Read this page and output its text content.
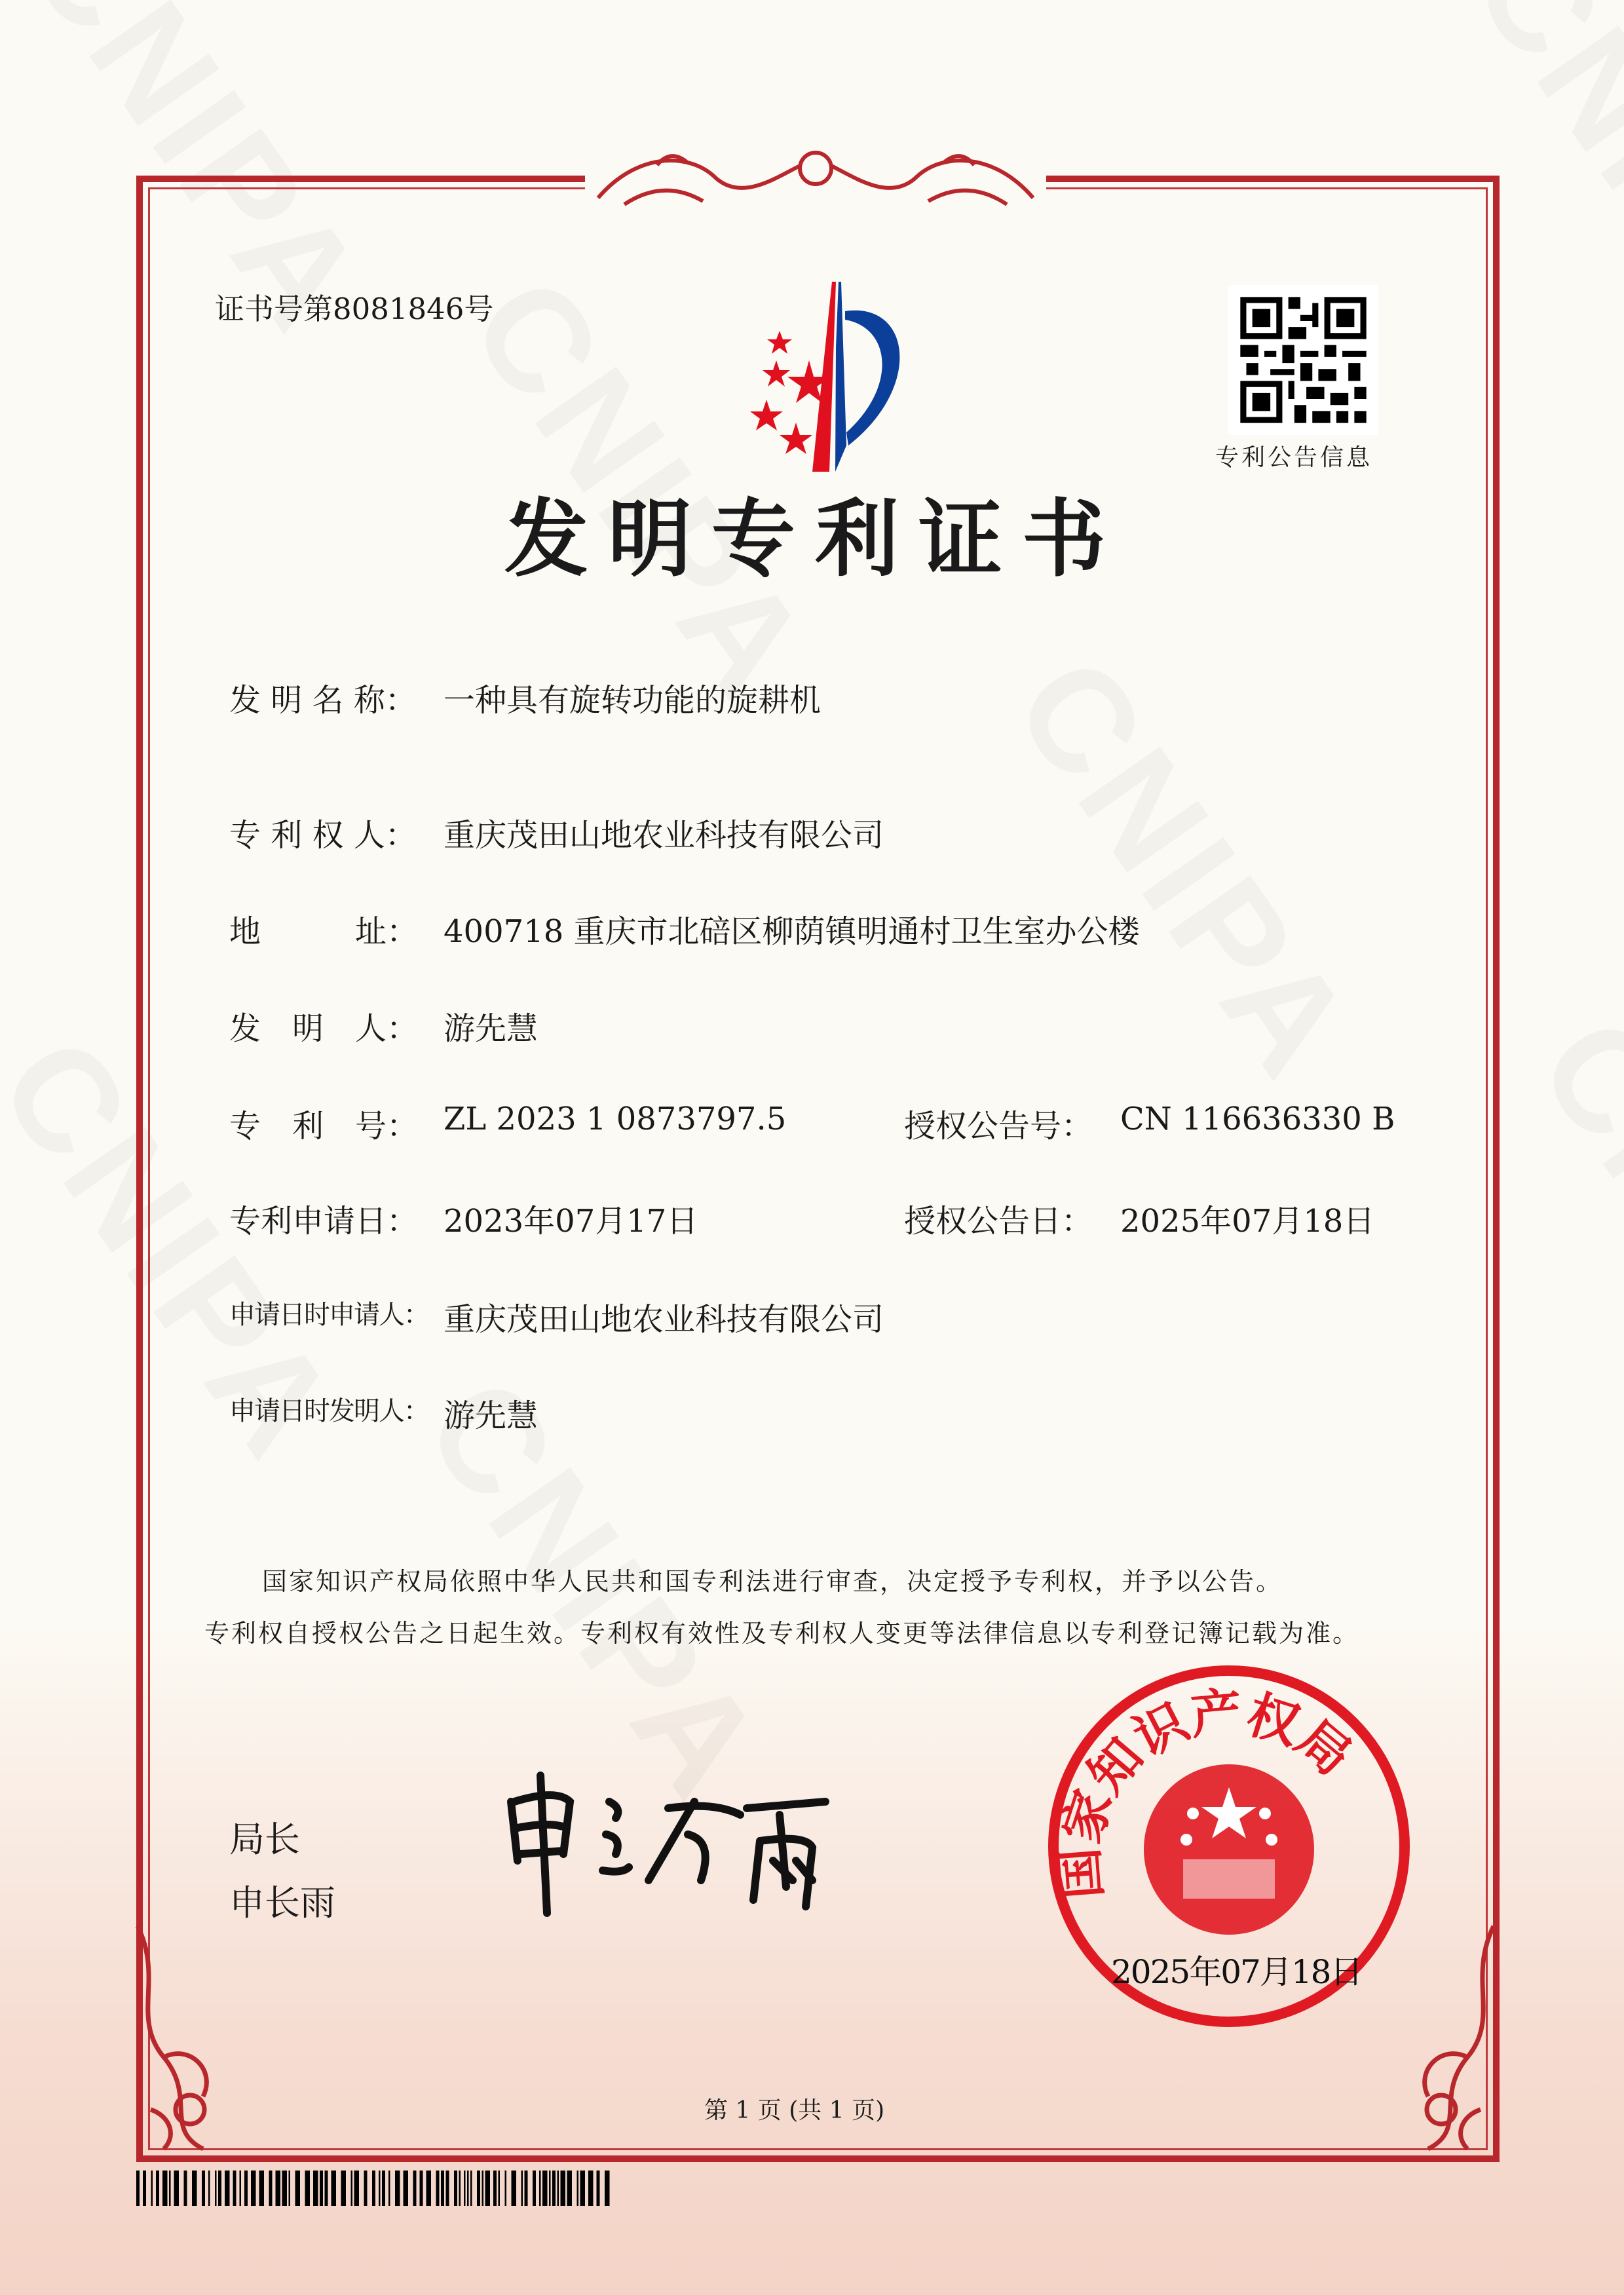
证书号第8081846号
专利公告信息
发明专利证书
发 明 名 称： 一种具有旋转功能的旋耕机
专 利 权 人： 重庆茂田山地农业科技有限公司
地　　　址： 400718 重庆市北碚区柳荫镇明通村卫生室办公楼
发　明　人： 游先慧
专　利　号： ZL 2023 1 0873797.5	授权公告号： CN 116636330 B
专利申请日： 2023年07月17日	授权公告日： 2025年07月18日
申请日时申请人： 重庆茂田山地农业科技有限公司
申请日时发明人： 游先慧
国家知识产权局依照中华人民共和国专利法进行审查，决定授予专利权，并予以公告。
专利权自授权公告之日起生效。专利权有效性及专利权人变更等法律信息以专利登记簿记载为准。
局长
申长雨
国家知识产权局
2025年07月18日
第 1 页 (共 1 页)
